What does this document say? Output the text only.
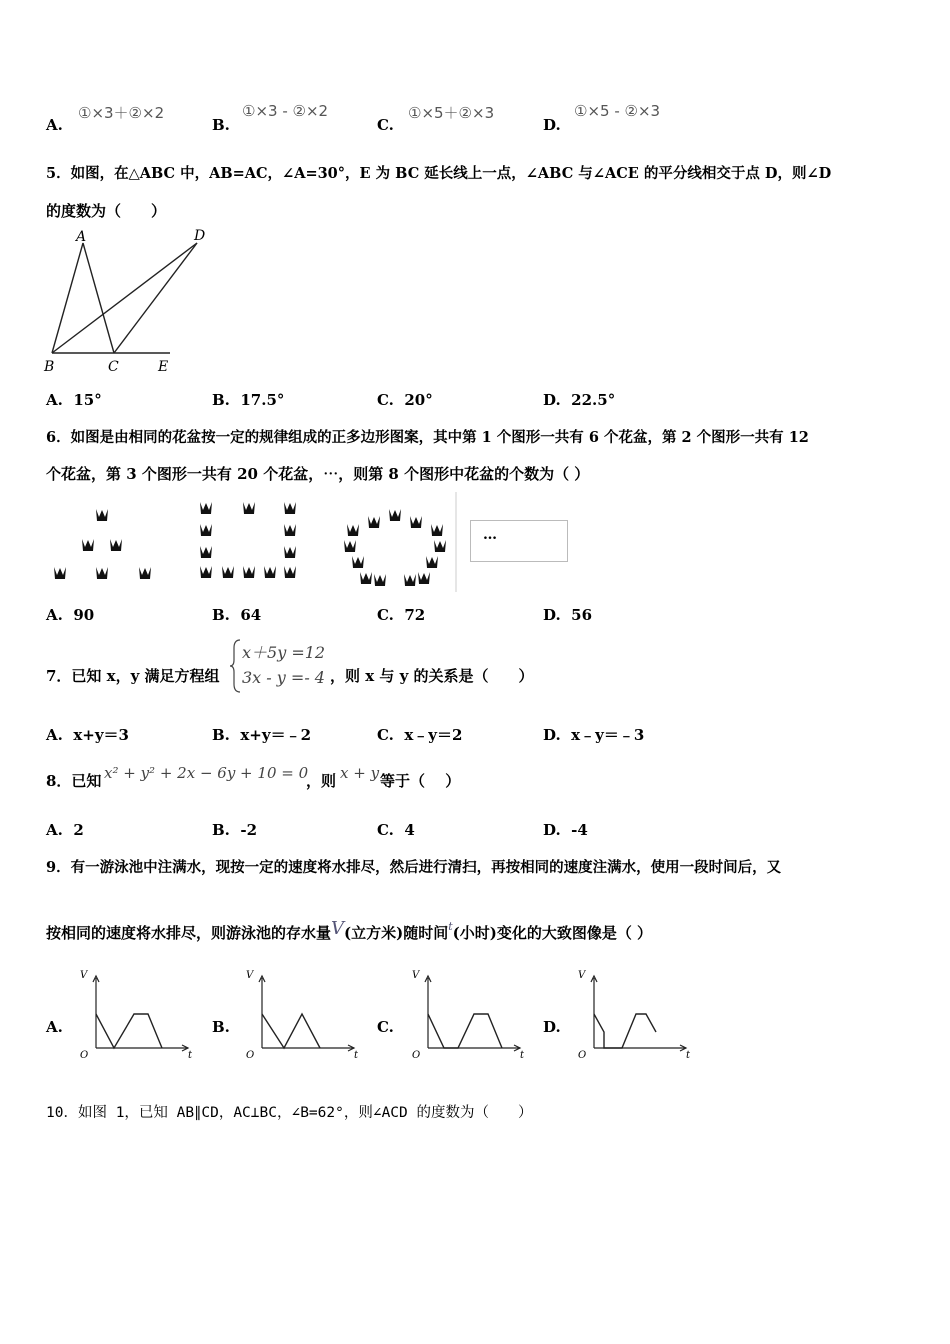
A.
①×3＋②×2
B.
①×3 - ②×2
C.
①×5＋②×3
D.
①×5 - ②×3
5．如图，在△ABC 中，AB=AC，∠A=30°，E 为 BC 延长线上一点，∠ABC 与∠ACE 的平分线相交于点 D，则∠D
的度数为（　　）
A	D
B	C	E
A. 15°	B. 17.5°	C. 20°	D. 22.5°
6．如图是由相同的花盆按一定的规律组成的正多边形图案，其中第 1 个图形一共有 6 个花盆，第 2 个图形一共有 12
个花盆，第 3 个图形一共有 20 个花盆，⋯，则第 8 个图形中花盆的个数为（ ）
…
A. 90	B. 64	C. 72	D. 56
7．已知 x，y 满足方程组
x＋5y =12
3x - y =- 4 ，则 x 与 y 的关系是（　　）
A. x+y＝3	B. x+y＝﹣2	C. x﹣y＝2	D. x﹣y＝﹣3
8．已知 x² + y² + 2x − 6y + 10 = 0
，则 x + y 等于（　 ）
A. 2	B. -2	C. 4	D. -4
9．有一游泳池中注满水，现按一定的速度将水排尽，然后进行清扫，再按相同的速度注满水，使用一段时间后，又
按相同的速度将水排尽，则游泳池的存水量V(立方米)随时间$^t$(小时)变化的大致图像是（ ）
A.
V
O	t
B.
V
O	t
C.
V
O	t
D.
V
O	t
10．如图 1，已知 AB∥CD，AC⊥BC，∠B=62°，则∠ACD 的度数为（　　）
